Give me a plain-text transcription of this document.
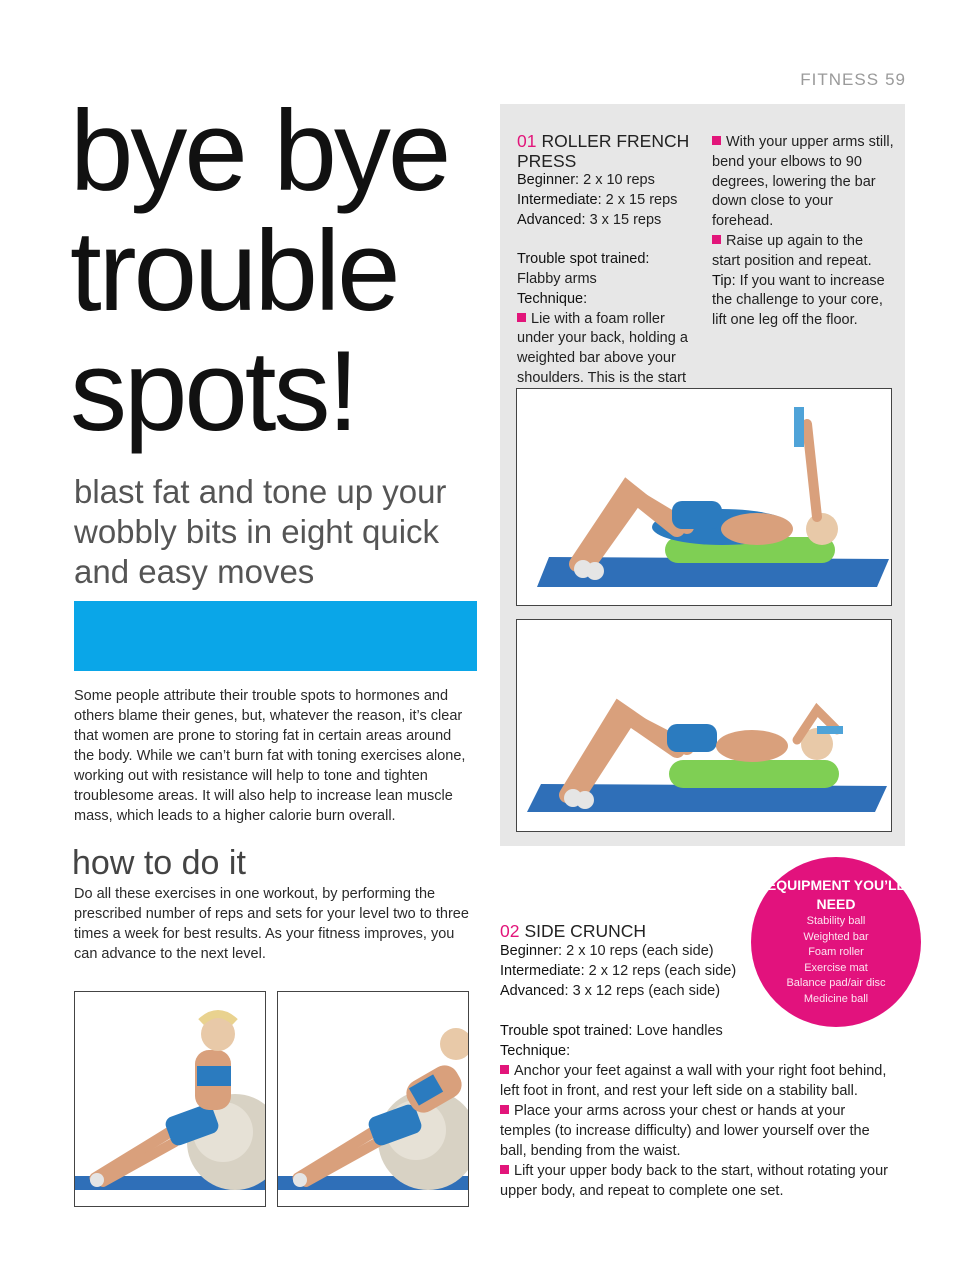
FITNESS 59
bye bye
trouble
spots!

blast fat and tone up your wobbly bits in eight quick and easy moves

Some people attribute their trouble spots to hormones and others blame their genes, but, whatever the reason, it’s clear that women are prone to storing fat in certain areas around the body. While we can’t burn fat with toning exercises alone, working out with resistance will help to tone and tighten troublesome areas. It will also help to increase lean muscle mass, which leads to a higher calorie burn overall.

how to do it

Do all these exercises in one workout, by performing the prescribed number of reps and sets for your level two to three times a week for best results. As your fitness improves, you can advance to the next level.

01 ROLLER FRENCH PRESS
Beginner: 2 x 10 reps
Intermediate: 2 x 15 reps
Advanced: 3 x 15 reps
Trouble spot trained:
Flabby arms
Technique:
Lie with a foam roller under your back, holding a weighted bar above your shoulders. This is the start
With your upper arms still, bend your elbows to 90 degrees, lowering the bar down close to your forehead.
Raise up again to the start position and repeat.
Tip: If you want to increase the challenge to your core, lift one leg off the floor.
02 SIDE CRUNCH
Beginner: 2 x 10 reps (each side)
Intermediate: 2 x 12 reps (each side)
Advanced: 3 x 12 reps (each side)
Trouble spot trained: Love handles
Technique:
Anchor your feet against a wall with your right foot behind, left foot in front, and rest your left side on a stability ball.
Place your arms across your chest or hands at your temples (to increase difficulty) and lower yourself over the ball, bending from the waist.
Lift your upper body back to the start, without rotating your upper body, and repeat to complete one set.
EQUIPMENT YOU’LL NEED
Stability ball
Weighted bar
Foam roller
Exercise mat
Balance pad/air disc
Medicine ball
